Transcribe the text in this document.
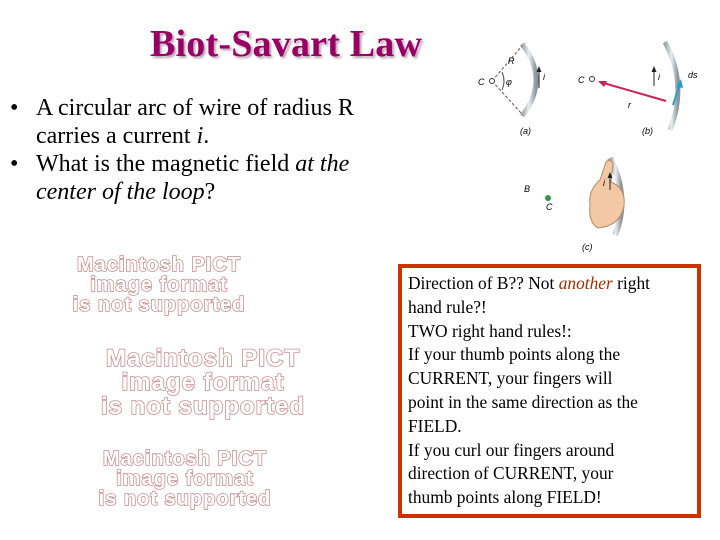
Biot-Savart Law
• A circular arc of wire of radius R carries a current i.
• What is the magnetic field at the center of the loop?
Macintosh PICT
image format
is not supported
Macintosh PICT
image format
is not supported
Macintosh PICT
image format
is not supported
Direction of B?? Not another right
hand rule?!
TWO right hand rules!:
If your thumb points along the
CURRENT, your fingers will
point in the same direction as the
FIELD.
If you curl our fingers around
direction of CURRENT, your
thumb points along FIELD!
C
R
φ	i
(a)
C	i	ds
r
(b)
B
C
i
(c)
